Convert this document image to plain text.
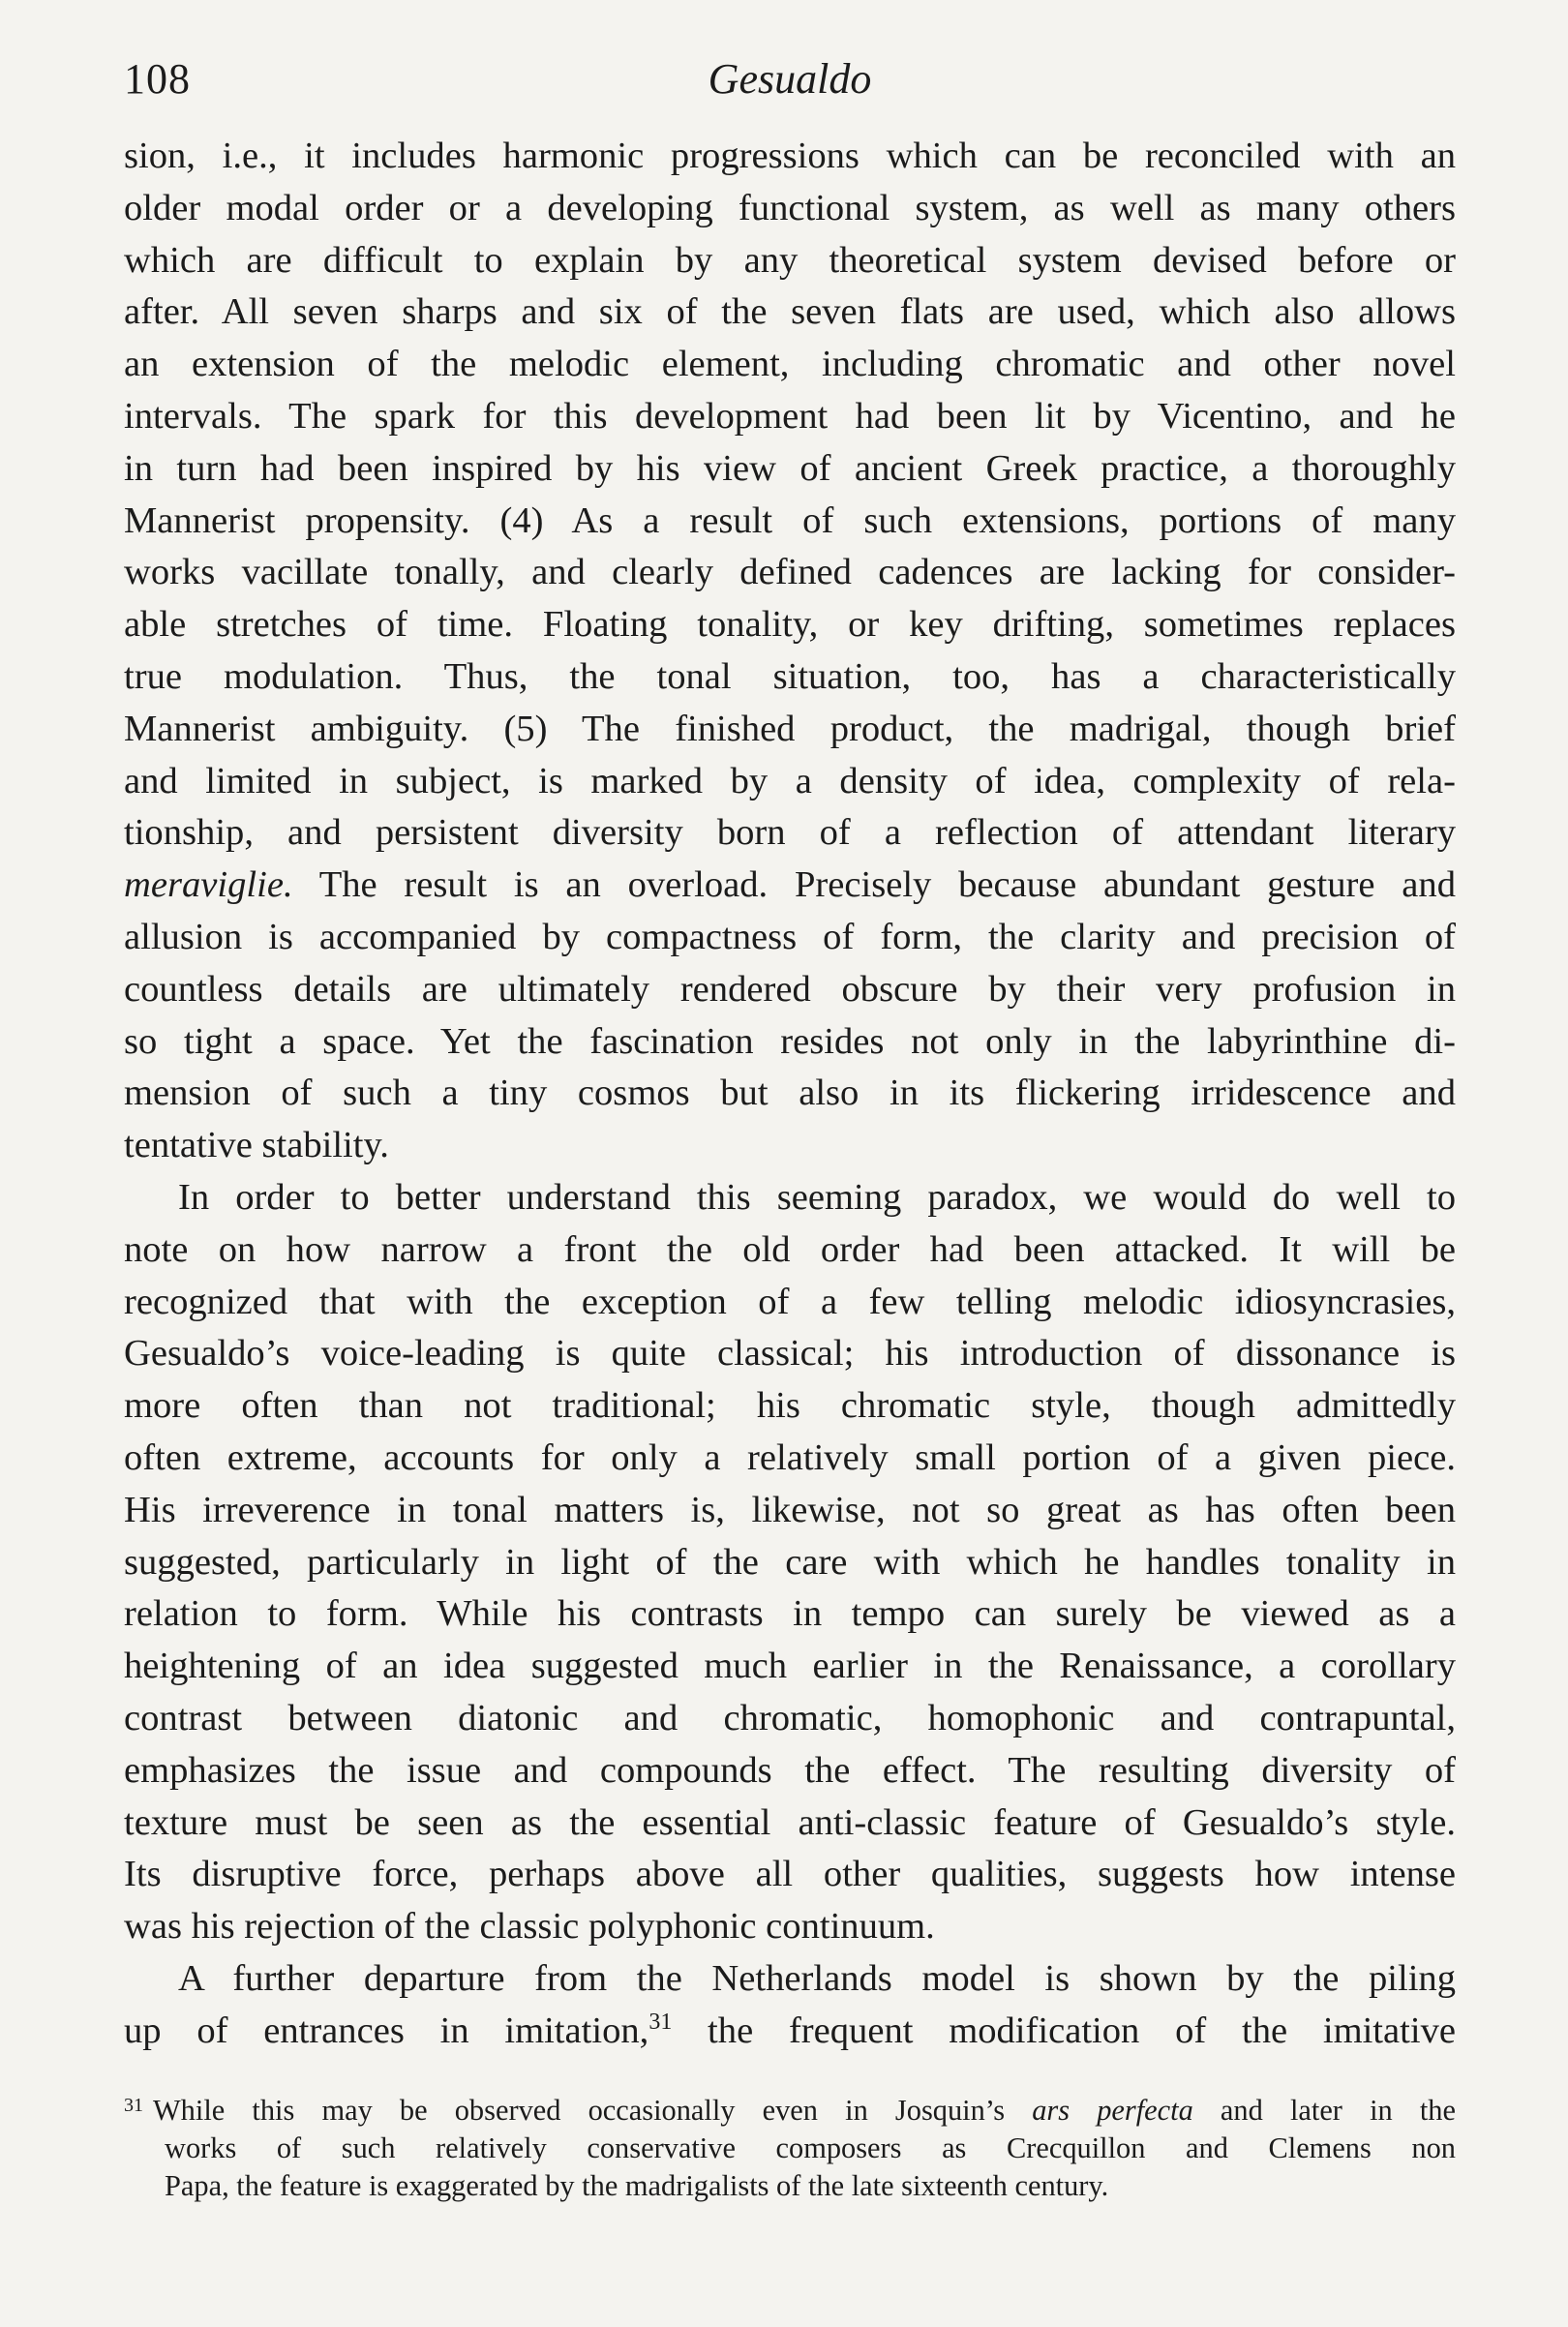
108	Gesualdo

sion, i.e., it includes harmonic progressions which can be reconciled with an
older modal order or a developing functional system, as well as many others
which are difficult to explain by any theoretical system devised before or
after. All seven sharps and six of the seven flats are used, which also allows
an extension of the melodic element, including chromatic and other novel
intervals. The spark for this development had been lit by Vicentino, and he
in turn had been inspired by his view of ancient Greek practice, a thoroughly
Mannerist propensity. (4) As a result of such extensions, portions of many
works vacillate tonally, and clearly defined cadences are lacking for consider-
able stretches of time. Floating tonality, or key drifting, sometimes replaces
true modulation. Thus, the tonal situation, too, has a characteristically
Mannerist ambiguity. (5) The finished product, the madrigal, though brief
and limited in subject, is marked by a density of idea, complexity of rela-
tionship, and persistent diversity born of a reflection of attendant literary
meraviglie. The result is an overload. Precisely because abundant gesture and
allusion is accompanied by compactness of form, the clarity and precision of
countless details are ultimately rendered obscure by their very profusion in
so tight a space. Yet the fascination resides not only in the labyrinthine di-
mension of such a tiny cosmos but also in its flickering irridescence and
tentative stability.

In order to better understand this seeming paradox, we would do well to
note on how narrow a front the old order had been attacked. It will be
recognized that with the exception of a few telling melodic idiosyncrasies,
Gesualdo’s voice-leading is quite classical; his introduction of dissonance is
more often than not traditional; his chromatic style, though admittedly
often extreme, accounts for only a relatively small portion of a given piece.
His irreverence in tonal matters is, likewise, not so great as has often been
suggested, particularly in light of the care with which he handles tonality in
relation to form. While his contrasts in tempo can surely be viewed as a
heightening of an idea suggested much earlier in the Renaissance, a corollary
contrast between diatonic and chromatic, homophonic and contrapuntal,
emphasizes the issue and compounds the effect. The resulting diversity of
texture must be seen as the essential anti-classic feature of Gesualdo’s style.
Its disruptive force, perhaps above all other qualities, suggests how intense
was his rejection of the classic polyphonic continuum.

A further departure from the Netherlands model is shown by the piling
up of entrances in imitation,$^{31}$ the frequent modification of the imitative

$^{31}$ While this may be observed occasionally even in Josquin’s ars perfecta and later in the
works of such relatively conservative composers as Crecquillon and Clemens non
Papa, the feature is exaggerated by the madrigalists of the late sixteenth century.
